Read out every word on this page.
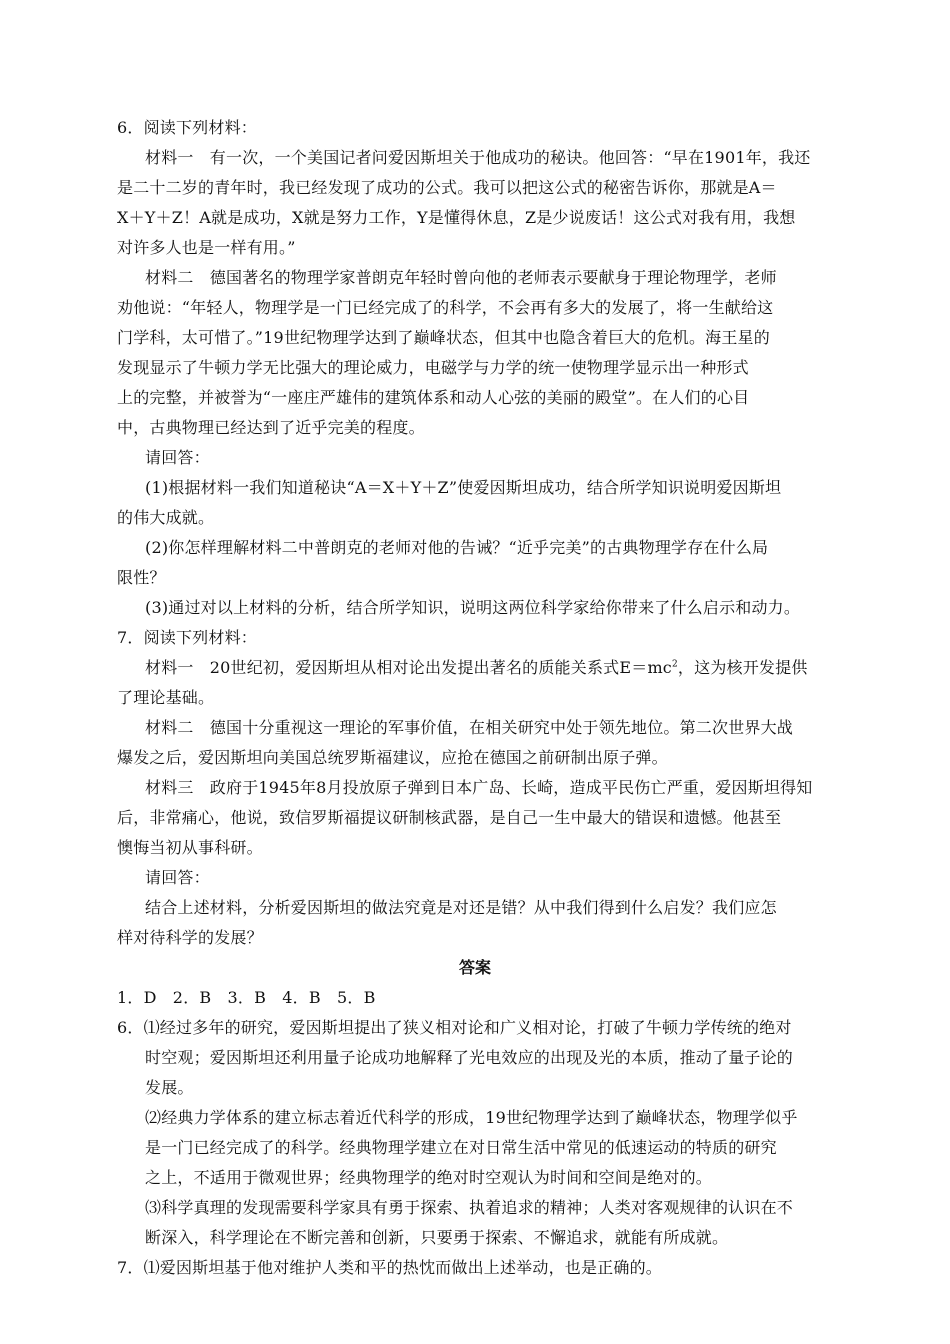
6．阅读下列材料：
材料一　有一次，一个美国记者问爱因斯坦关于他成功的秘诀。他回答：“早在1901年，我还
是二十二岁的青年时，我已经发现了成功的公式。我可以把这公式的秘密告诉你，那就是A＝
X＋Y＋Z！A就是成功，X就是努力工作，Y是懂得休息，Z是少说废话！这公式对我有用，我想
对许多人也是一样有用。”
材料二　德国著名的物理学家普朗克年轻时曾向他的老师表示要献身于理论物理学，老师
劝他说：“年轻人，物理学是一门已经完成了的科学，不会再有多大的发展了，将一生献给这
门学科，太可惜了。”19世纪物理学达到了巅峰状态，但其中也隐含着巨大的危机。海王星的
发现显示了牛顿力学无比强大的理论威力，电磁学与力学的统一使物理学显示出一种形式
上的完整，并被誉为“一座庄严雄伟的建筑体系和动人心弦的美丽的殿堂”。在人们的心目
中，古典物理已经达到了近乎完美的程度。
请回答：
(1)根据材料一我们知道秘诀“A＝X＋Y＋Z”使爱因斯坦成功，结合所学知识说明爱因斯坦
的伟大成就。
(2)你怎样理解材料二中普朗克的老师对他的告诫？“近乎完美”的古典物理学存在什么局
限性？
(3)通过对以上材料的分析，结合所学知识，说明这两位科学家给你带来了什么启示和动力。
7．阅读下列材料：
材料一　20世纪初，爱因斯坦从相对论出发提出著名的质能关系式$E=mc^2$，这为核开发提供
了理论基础。
材料二　德国十分重视这一理论的军事价值，在相关研究中处于领先地位。第二次世界大战
爆发之后，爱因斯坦向美国总统罗斯福建议，应抢在德国之前研制出原子弹。
材料三　政府于1945年8月投放原子弹到日本广岛、长崎，造成平民伤亡严重，爱因斯坦得知
后，非常痛心，他说，致信罗斯福提议研制核武器，是自己一生中最大的错误和遗憾。他甚至
懊悔当初从事科研。
请回答：
结合上述材料，分析爱因斯坦的做法究竟是对还是错？从中我们得到什么启发？我们应怎
样对待科学的发展？
答案
1．D　2．B　3．B　4．B　5．B
6．⑴经过多年的研究，爱因斯坦提出了狭义相对论和广义相对论，打破了牛顿力学传统的绝对
时空观；爱因斯坦还利用量子论成功地解释了光电效应的出现及光的本质，推动了量子论的
发展。
⑵经典力学体系的建立标志着近代科学的形成，19世纪物理学达到了巅峰状态，物理学似乎
是一门已经完成了的科学。经典物理学建立在对日常生活中常见的低速运动的特质的研究
之上，不适用于微观世界；经典物理学的绝对时空观认为时间和空间是绝对的。
⑶科学真理的发现需要科学家具有勇于探索、执着追求的精神；人类对客观规律的认识在不
断深入，科学理论在不断完善和创新，只要勇于探索、不懈追求，就能有所成就。
7．⑴爱因斯坦基于他对维护人类和平的热忱而做出上述举动，也是正确的。
